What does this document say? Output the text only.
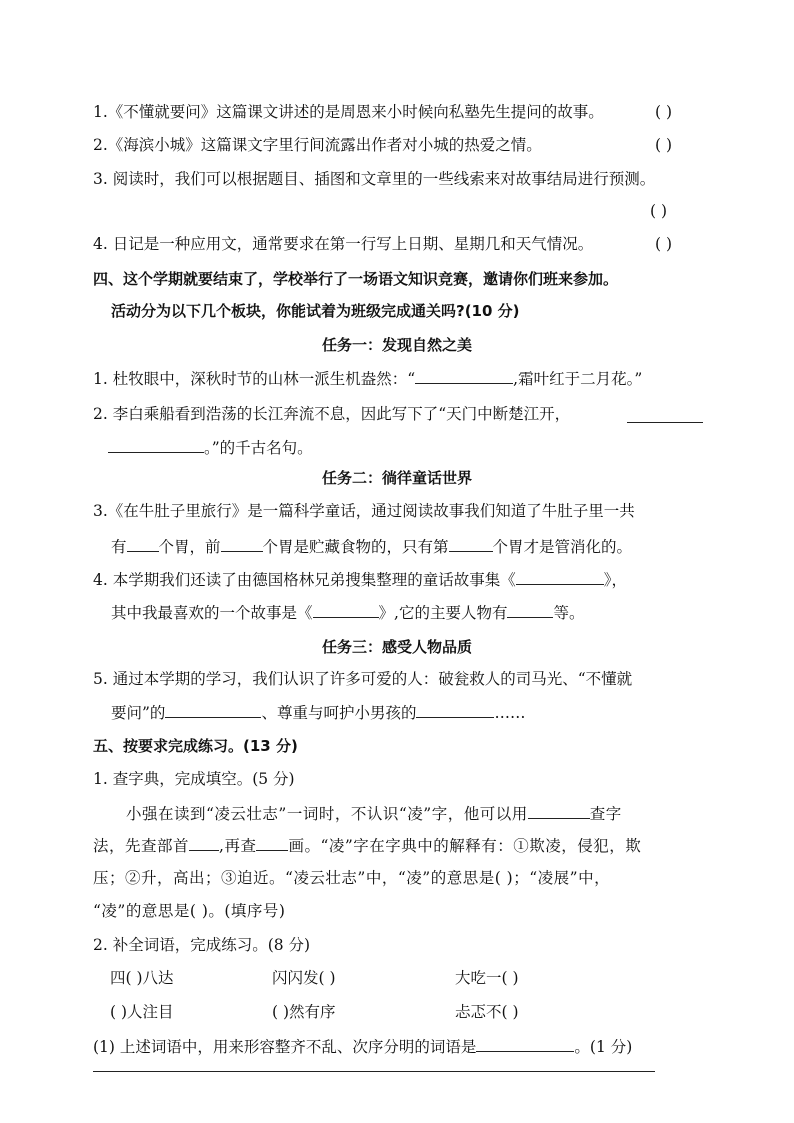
1.《不懂就要问》这篇课文讲述的是周恩来小时候向私塾先生提问的故事。	( )
2.《海滨小城》这篇课文字里行间流露出作者对小城的热爱之情。	( )
3. 阅读时，我们可以根据题目、插图和文章里的一些线索来对故事结局进行预测。
( )
4. 日记是一种应用文，通常要求在第一行写上日期、星期几和天气情况。	( )
四、这个学期就要结束了，学校举行了一场语文知识竞赛，邀请你们班来参加。
活动分为以下几个板块，你能试着为班级完成通关吗?(10 分)
任务一：发现自然之美
1. 杜牧眼中，深秋时节的山林一派生机盎然：“	,霜叶红于二月花。”
2. 李白乘船看到浩荡的长江奔流不息，因此写下了“天门中断楚江开，
。”的千古名句。
任务二：徜徉童话世界
3.《在牛肚子里旅行》是一篇科学童话，通过阅读故事我们知道了牛肚子里一共
有 个胃，前	个胃是贮藏食物的，只有第	个胃才是管消化的。
4. 本学期我们还读了由德国格林兄弟搜集整理的童话故事集《	》，
其中我最喜欢的一个故事是《	》,它的主要人物有	等。
任务三：感受人物品质
5. 通过本学期的学习，我们认识了许多可爱的人：破瓮救人的司马光、“不懂就
要问”的	、尊重与呵护小男孩的	……
五、按要求完成练习。(13 分)
1. 查字典，完成填空。(5 分)
小强在读到“凌云壮志”一词时，不认识“凌”字，他可以用	查字
法，先查部首 ,再查 画。“凌”字在字典中的解释有：①欺凌，侵犯，欺
压；②升，高出；③迫近。“凌云壮志”中，“凌”的意思是( )；“凌展”中，
“凌”的意思是( )。(填序号)
2. 补全词语，完成练习。(8 分)
四( )八达	闪闪发( )	大吃一( )
( )人注目	( )然有序	忐忑不( )
(1) 上述词语中，用来形容整齐不乱、次序分明的词语是	。(1 分)
